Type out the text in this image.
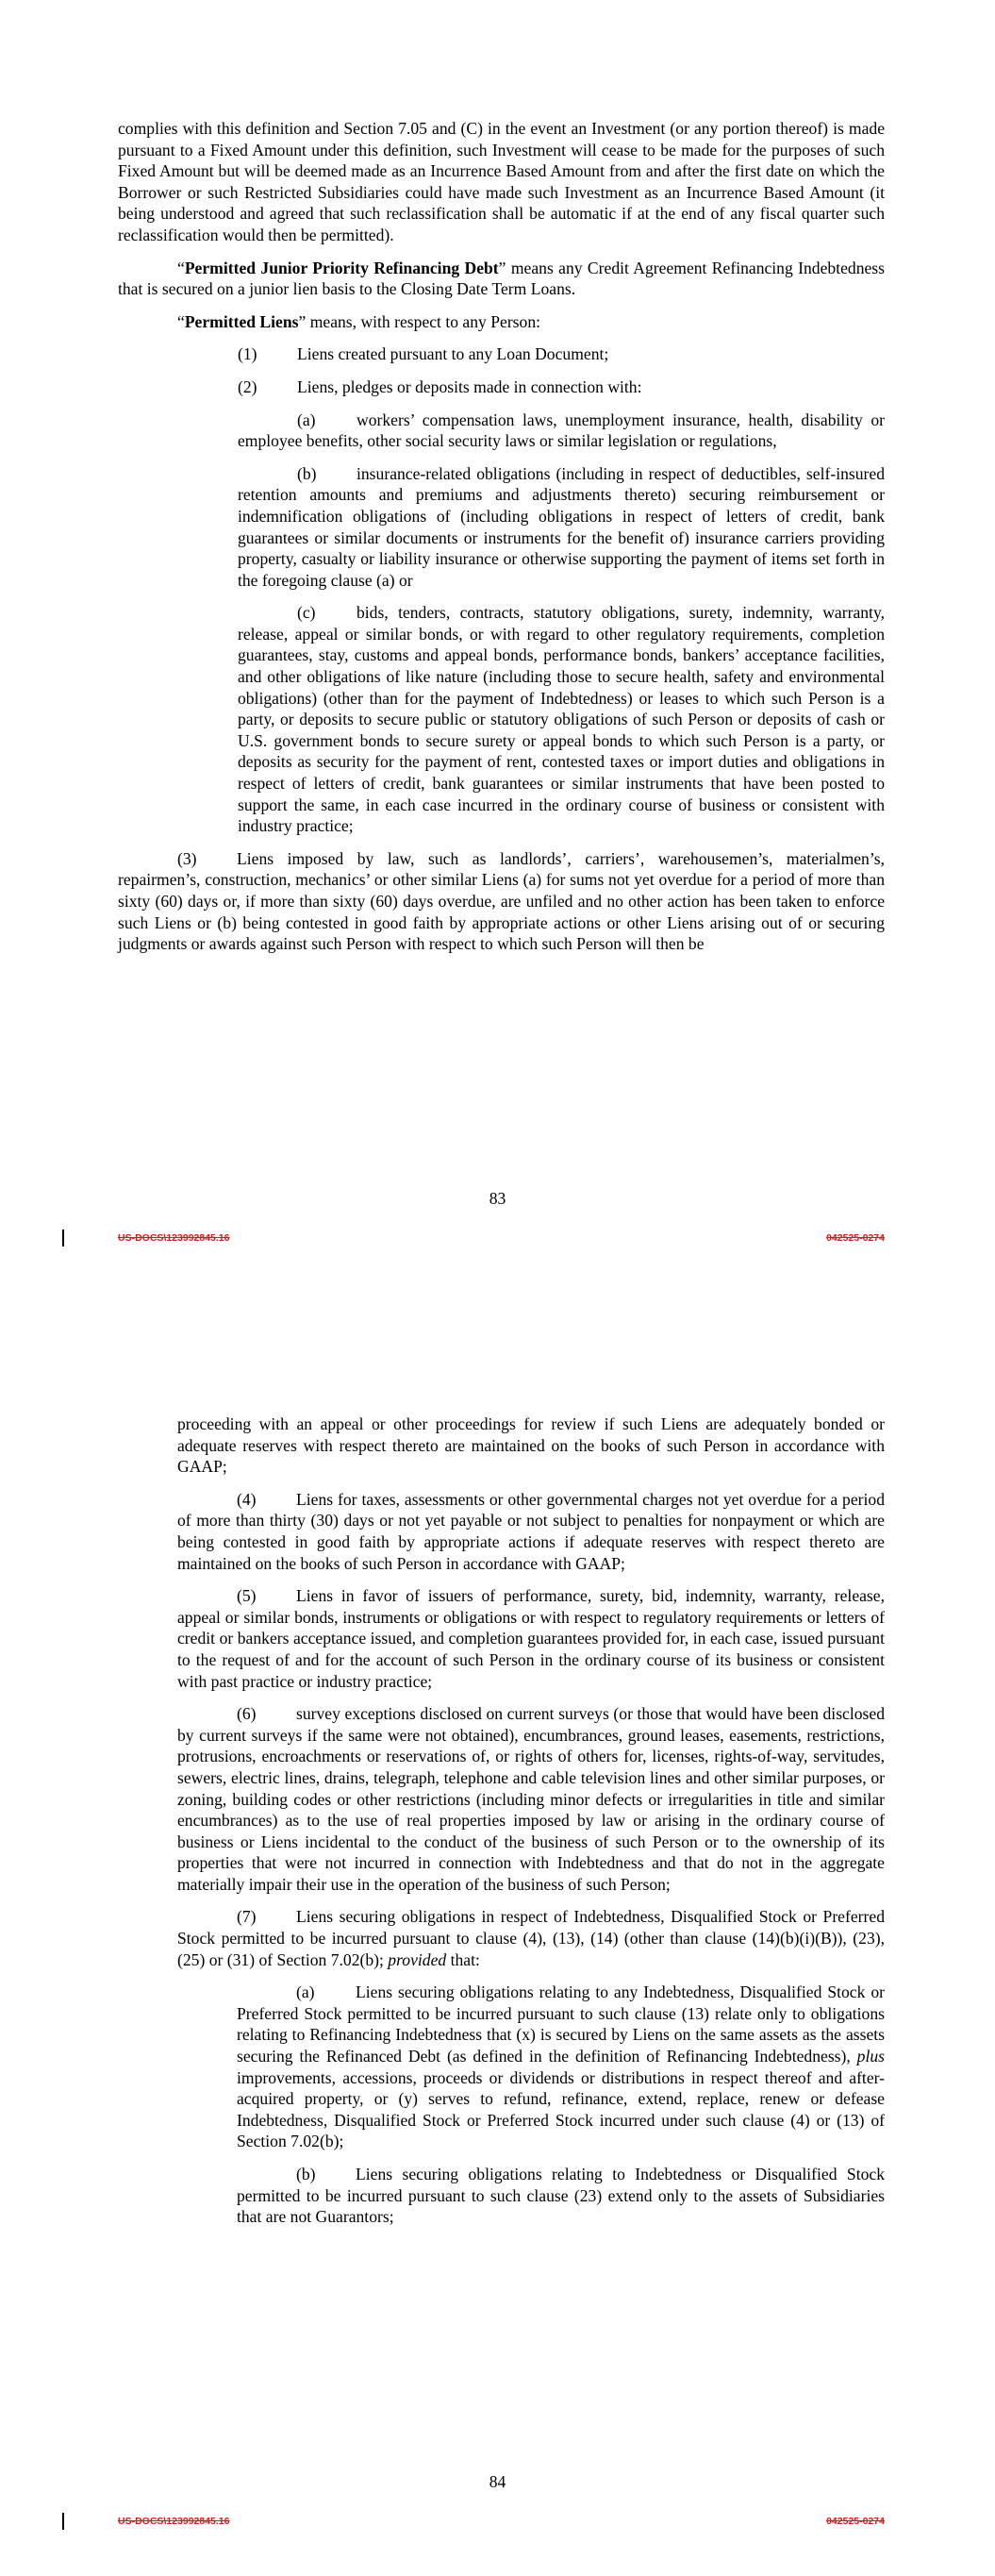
complies with this definition and Section 7.05 and (C) in the event an Investment (or any portion thereof) is made pursuant to a Fixed Amount under this definition, such Investment will cease to be made for the purposes of such Fixed Amount but will be deemed made as an Incurrence Based Amount from and after the first date on which the Borrower or such Restricted Subsidiaries could have made such Investment as an Incurrence Based Amount (it being understood and agreed that such reclassification shall be automatic if at the end of any fiscal quarter such reclassification would then be permitted).

“Permitted Junior Priority Refinancing Debt” means any Credit Agreement Refinancing Indebtedness that is secured on a junior lien basis to the Closing Date Term Loans.

“Permitted Liens” means, with respect to any Person:

(1) Liens created pursuant to any Loan Document;

(2) Liens, pledges or deposits made in connection with:

(a) workers’ compensation laws, unemployment insurance, health, disability or employee benefits, other social security laws or similar legislation or regulations,

(b) insurance-related obligations (including in respect of deductibles, self-insured retention amounts and premiums and adjustments thereto) securing reimbursement or indemnification obligations of (including obligations in respect of letters of credit, bank guarantees or similar documents or instruments for the benefit of) insurance carriers providing property, casualty or liability insurance or otherwise supporting the payment of items set forth in the foregoing clause (a) or

(c) bids, tenders, contracts, statutory obligations, surety, indemnity, warranty, release, appeal or similar bonds, or with regard to other regulatory requirements, completion guarantees, stay, customs and appeal bonds, performance bonds, bankers’ acceptance facilities, and other obligations of like nature (including those to secure health, safety and environmental obligations) (other than for the payment of Indebtedness) or leases to which such Person is a party, or deposits to secure public or statutory obligations of such Person or deposits of cash or U.S. government bonds to secure surety or appeal bonds to which such Person is a party, or deposits as security for the payment of rent, contested taxes or import duties and obligations in respect of letters of credit, bank guarantees or similar instruments that have been posted to support the same, in each case incurred in the ordinary course of business or consistent with industry practice;

(3) Liens imposed by law, such as landlords’, carriers’, warehousemen’s, materialmen’s, repairmen’s, construction, mechanics’ or other similar Liens (a) for sums not yet overdue for a period of more than sixty (60) days or, if more than sixty (60) days overdue, are unfiled and no other action has been taken to enforce such Liens or (b) being contested in good faith by appropriate actions or other Liens arising out of or securing judgments or awards against such Person with respect to which such Person will then be

83
US-DOCS\123992845.16	042525-0274

proceeding with an appeal or other proceedings for review if such Liens are adequately bonded or adequate reserves with respect thereto are maintained on the books of such Person in accordance with GAAP;

(4) Liens for taxes, assessments or other governmental charges not yet overdue for a period of more than thirty (30) days or not yet payable or not subject to penalties for nonpayment or which are being contested in good faith by appropriate actions if adequate reserves with respect thereto are maintained on the books of such Person in accordance with GAAP;

(5) Liens in favor of issuers of performance, surety, bid, indemnity, warranty, release, appeal or similar bonds, instruments or obligations or with respect to regulatory requirements or letters of credit or bankers acceptance issued, and completion guarantees provided for, in each case, issued pursuant to the request of and for the account of such Person in the ordinary course of its business or consistent with past practice or industry practice;

(6) survey exceptions disclosed on current surveys (or those that would have been disclosed by current surveys if the same were not obtained), encumbrances, ground leases, easements, restrictions, protrusions, encroachments or reservations of, or rights of others for, licenses, rights-of-way, servitudes, sewers, electric lines, drains, telegraph, telephone and cable television lines and other similar purposes, or zoning, building codes or other restrictions (including minor defects or irregularities in title and similar encumbrances) as to the use of real properties imposed by law or arising in the ordinary course of business or Liens incidental to the conduct of the business of such Person or to the ownership of its properties that were not incurred in connection with Indebtedness and that do not in the aggregate materially impair their use in the operation of the business of such Person;

(7) Liens securing obligations in respect of Indebtedness, Disqualified Stock or Preferred Stock permitted to be incurred pursuant to clause (4), (13), (14) (other than clause (14)(b)(i)(B)), (23), (25) or (31) of Section 7.02(b); provided that:

(a) Liens securing obligations relating to any Indebtedness, Disqualified Stock or Preferred Stock permitted to be incurred pursuant to such clause (13) relate only to obligations relating to Refinancing Indebtedness that (x) is secured by Liens on the same assets as the assets securing the Refinanced Debt (as defined in the definition of Refinancing Indebtedness), plus improvements, accessions, proceeds or dividends or distributions in respect thereof and after-acquired property, or (y) serves to refund, refinance, extend, replace, renew or defease Indebtedness, Disqualified Stock or Preferred Stock incurred under such clause (4) or (13) of Section 7.02(b);

(b) Liens securing obligations relating to Indebtedness or Disqualified Stock permitted to be incurred pursuant to such clause (23) extend only to the assets of Subsidiaries that are not Guarantors;

84
US-DOCS\123992845.16	042525-0274
